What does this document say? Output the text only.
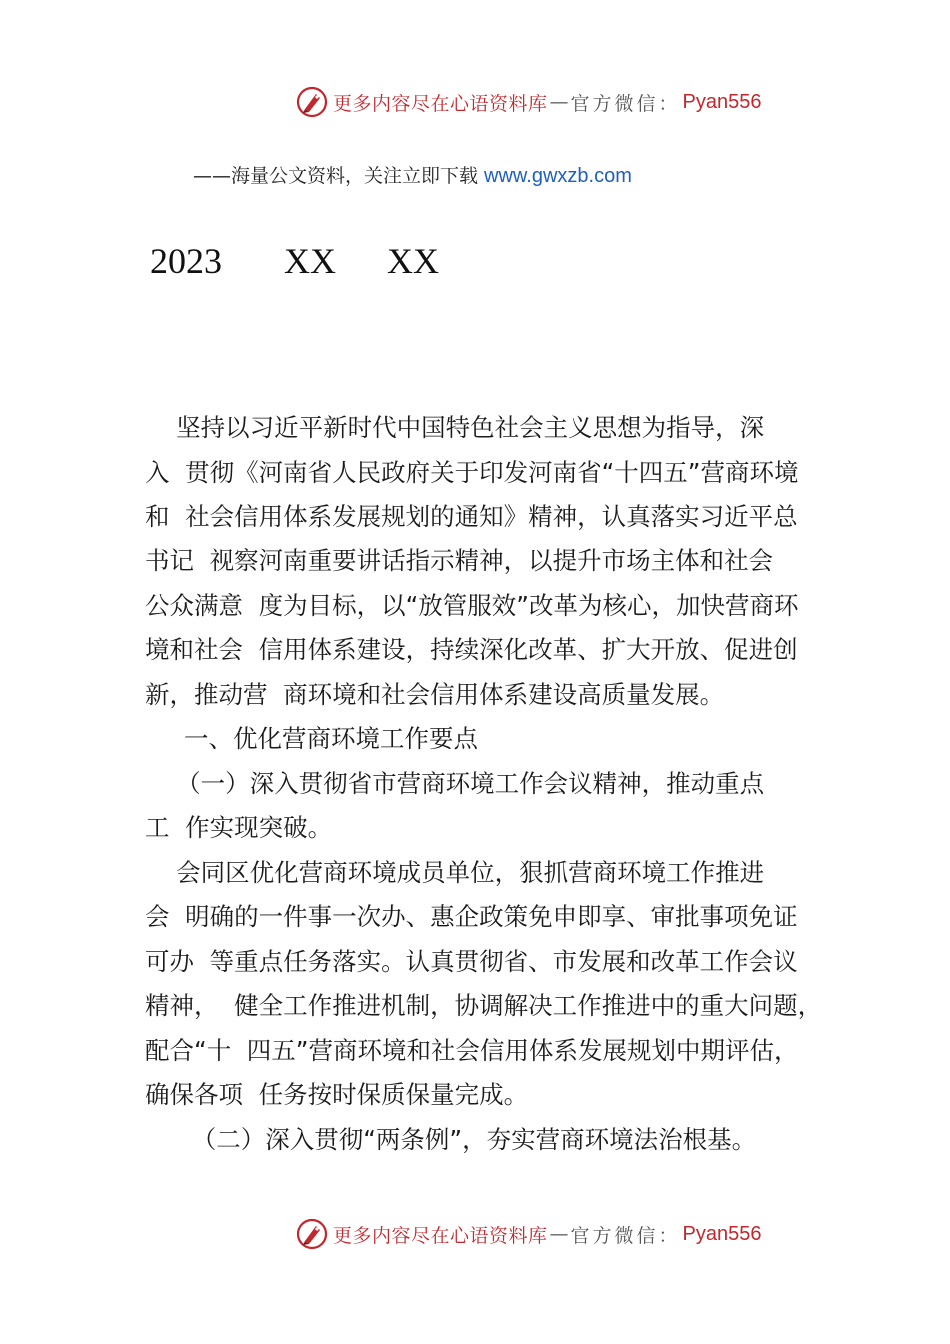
更多内容尽在心语资料库 — 官方微信： Pyan556
——海量公文资料，关注立即下载 www.gwxzb.com
2023 XX XX
坚持以习近平新时代中国特色社会主义思想为指导，深
入  贯彻《河南省人民政府关于印发河南省“十四五”营商环境
和  社会信用体系发展规划的通知》精神，认真落实习近平总
书记  视察河南重要讲话指示精神，以提升市场主体和社会
公众满意  度为目标，以“放管服效”改革为核心，加快营商环
境和社会  信用体系建设，持续深化改革、扩大开放、促进创
新，推动营  商环境和社会信用体系建设高质量发展。
一、优化营商环境工作要点
（一）深入贯彻省市营商环境工作会议精神，推动重点
工  作实现突破。
会同区优化营商环境成员单位，狠抓营商环境工作推进
会  明确的一件事一次办、惠企政策免申即享、审批事项免证
可办  等重点任务落实。认真贯彻省、市发展和改革工作会议
精神，  健全工作推进机制，协调解决工作推进中的重大问题，
配合“十  四五”营商环境和社会信用体系发展规划中期评估，
确保各项  任务按时保质保量完成。
（二）深入贯彻“两条例”，夯实营商环境法治根基。
更多内容尽在心语资料库 — 官方微信： Pyan556
